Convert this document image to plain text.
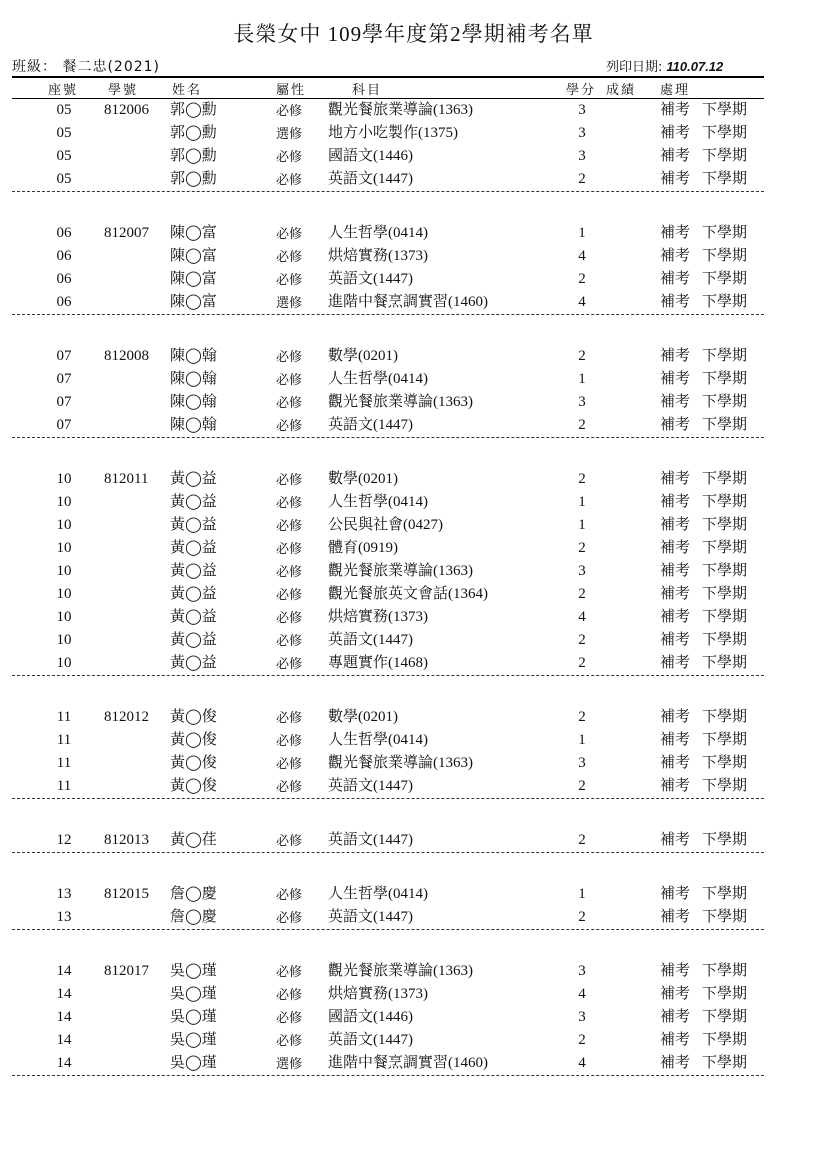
長榮女中 109學年度第2學期補考名單
班級： 餐二忠(2021)	列印日期: 110.07.12
座號 學號	姓名	屬性	科目	學分 成績 處理
05 812006 郭◯勳	必修 觀光餐旅業導論(1363)	3	補考 下學期
05	郭◯勳	選修 地方小吃製作(1375)	3	補考 下學期
05	郭◯勳	必修 國語文(1446)	3	補考 下學期
05	郭◯勳	必修 英語文(1447)	2	補考 下學期
06 812007 陳◯富	必修 人生哲學(0414)	1	補考 下學期
06	陳◯富	必修 烘焙實務(1373)	4	補考 下學期
06	陳◯富	必修 英語文(1447)	2	補考 下學期
06	陳◯富	選修 進階中餐烹調實習(1460)	4	補考 下學期
07 812008 陳◯翰	必修 數學(0201)	2	補考 下學期
07	陳◯翰	必修 人生哲學(0414)	1	補考 下學期
07	陳◯翰	必修 觀光餐旅業導論(1363)	3	補考 下學期
07	陳◯翰	必修 英語文(1447)	2	補考 下學期
10 812011 黃◯益	必修 數學(0201)	2	補考 下學期
10	黃◯益	必修 人生哲學(0414)	1	補考 下學期
10	黃◯益	必修 公民與社會(0427)	1	補考 下學期
10	黃◯益	必修 體育(0919)	2	補考 下學期
10	黃◯益	必修 觀光餐旅業導論(1363)	3	補考 下學期
10	黃◯益	必修 觀光餐旅英文會話(1364)	2	補考 下學期
10	黃◯益	必修 烘焙實務(1373)	4	補考 下學期
10	黃◯益	必修 英語文(1447)	2	補考 下學期
10	黃◯益	必修 專題實作(1468)	2	補考 下學期
11 812012 黃◯俊	必修 數學(0201)	2	補考 下學期
11	黃◯俊	必修 人生哲學(0414)	1	補考 下學期
11	黃◯俊	必修 觀光餐旅業導論(1363)	3	補考 下學期
11	黃◯俊	必修 英語文(1447)	2	補考 下學期
12 812013 黃◯荏	必修 英語文(1447)	2	補考 下學期
13 812015 詹◯慶	必修 人生哲學(0414)	1	補考 下學期
13	詹◯慶	必修 英語文(1447)	2	補考 下學期
14 812017 吳◯瑾	必修 觀光餐旅業導論(1363)	3	補考 下學期
14	吳◯瑾	必修 烘焙實務(1373)	4	補考 下學期
14	吳◯瑾	必修 國語文(1446)	3	補考 下學期
14	吳◯瑾	必修 英語文(1447)	2	補考 下學期
14	吳◯瑾	選修 進階中餐烹調實習(1460)	4	補考 下學期
